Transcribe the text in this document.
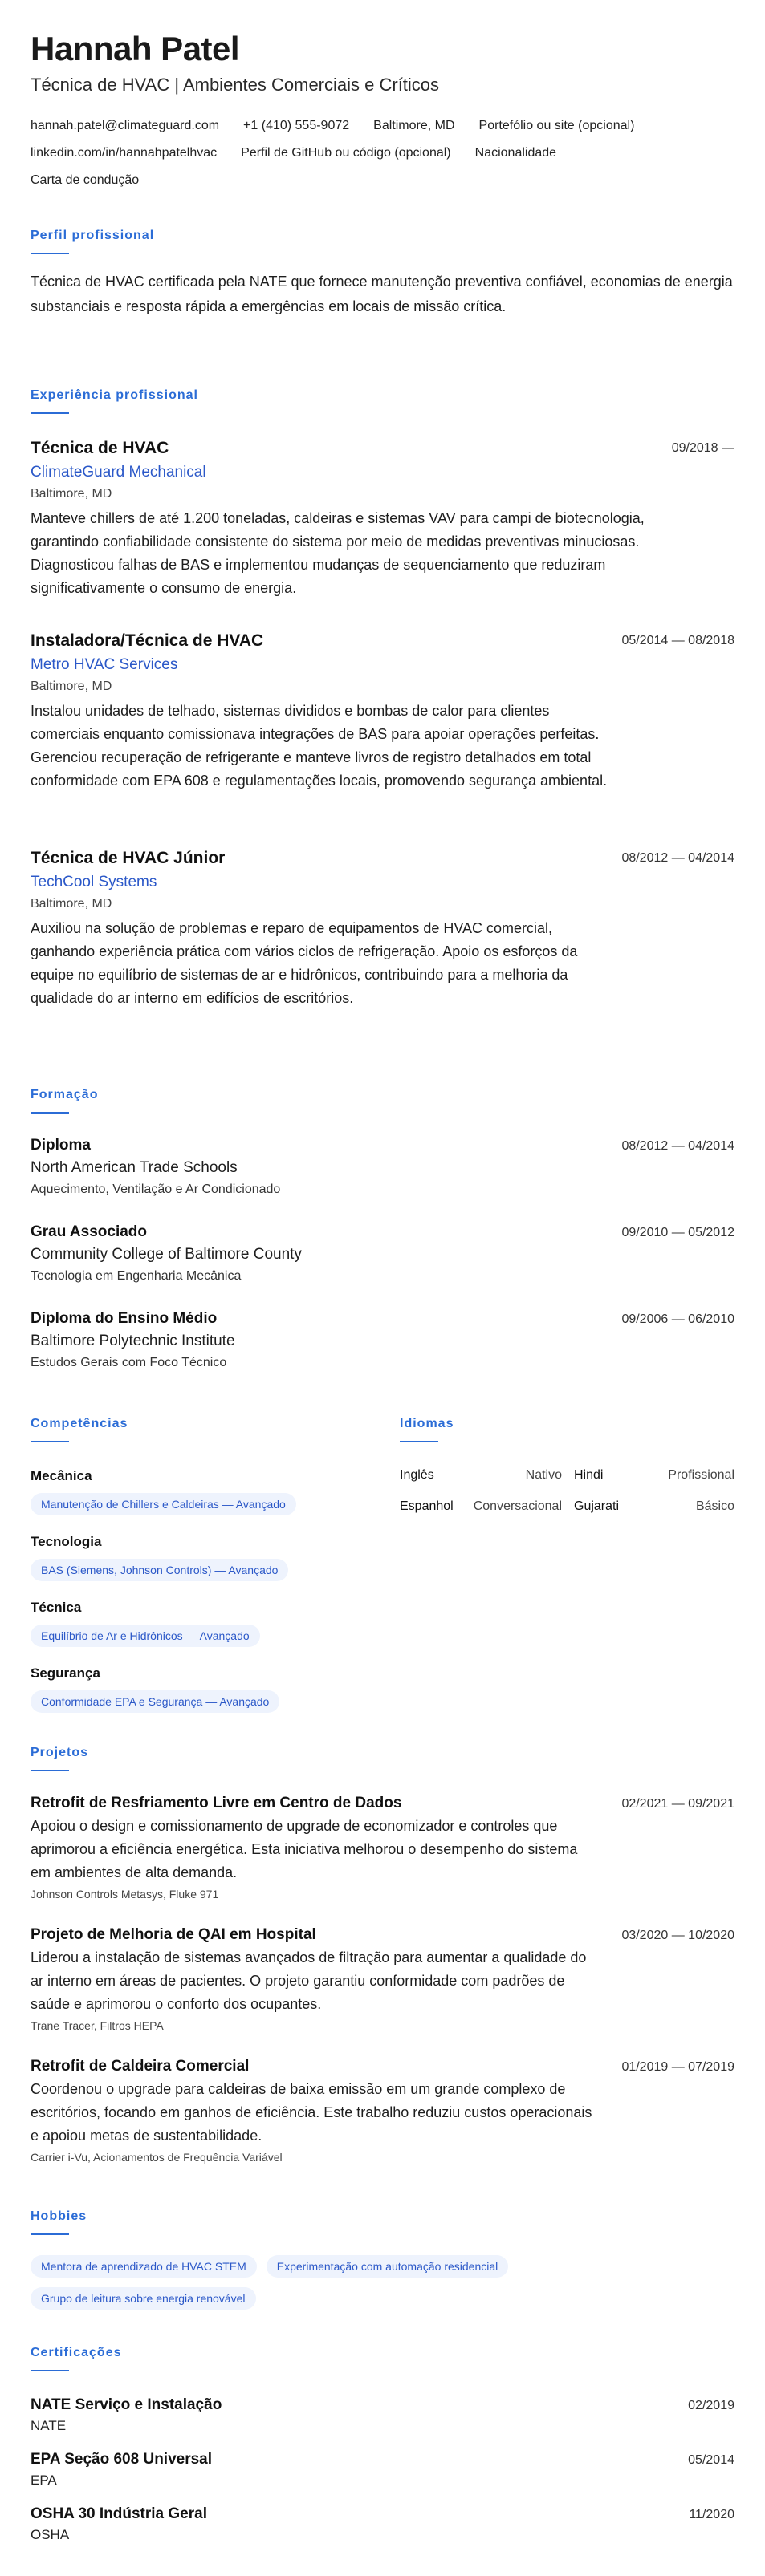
Hannah Patel
Técnica de HVAC | Ambientes Comerciais e Críticos
hannah.patel@climateguard.com +1 (410) 555-9072 Baltimore, MD Portefólio ou site (opcional)
linkedin.com/in/hannahpatelhvac Perfil de GitHub ou código (opcional) Nacionalidade
Carta de condução
Perfil profissional
Técnica de HVAC certificada pela NATE que fornece manutenção preventiva confiável, economias de energia substanciais e resposta rápida a emergências em locais de missão crítica.
Experiência profissional
Técnica de HVAC	09/2018 —
ClimateGuard Mechanical
Baltimore, MD
Manteve chillers de até 1.200 toneladas, caldeiras e sistemas VAV para campi de biotecnologia, garantindo confiabilidade consistente do sistema por meio de medidas preventivas minuciosas. Diagnosticou falhas de BAS e implementou mudanças de sequenciamento que reduziram significativamente o consumo de energia.
Instaladora/Técnica de HVAC	05/2014 — 08/2018
Metro HVAC Services
Baltimore, MD
Instalou unidades de telhado, sistemas divididos e bombas de calor para clientes comerciais enquanto comissionava integrações de BAS para apoiar operações perfeitas. Gerenciou recuperação de refrigerante e manteve livros de registro detalhados em total conformidade com EPA 608 e regulamentações locais, promovendo segurança ambiental.
Técnica de HVAC Júnior	08/2012 — 04/2014
TechCool Systems
Baltimore, MD
Auxiliou na solução de problemas e reparo de equipamentos de HVAC comercial, ganhando experiência prática com vários ciclos de refrigeração. Apoio os esforços da equipe no equilíbrio de sistemas de ar e hidrônicos, contribuindo para a melhoria da qualidade do ar interno em edifícios de escritórios.
Formação
Diploma	08/2012 — 04/2014
North American Trade Schools
Aquecimento, Ventilação e Ar Condicionado
Grau Associado	09/2010 — 05/2012
Community College of Baltimore County
Tecnologia em Engenharia Mecânica
Diploma do Ensino Médio	09/2006 — 06/2010
Baltimore Polytechnic Institute
Estudos Gerais com Foco Técnico
Competências
Mecânica
Manutenção de Chillers e Caldeiras — Avançado
Tecnologia
BAS (Siemens, Johnson Controls) — Avançado
Técnica
Equilíbrio de Ar e Hidrônicos — Avançado
Segurança
Conformidade EPA e Segurança — Avançado
Idiomas
Inglês	Nativo Hindi	Profissional
Espanhol Conversacional Gujarati	Básico
Projetos
Retrofit de Resfriamento Livre em Centro de Dados	02/2021 — 09/2021
Apoiou o design e comissionamento de upgrade de economizador e controles que aprimorou a eficiência energética. Esta iniciativa melhorou o desempenho do sistema em ambientes de alta demanda.
Johnson Controls Metasys, Fluke 971
Projeto de Melhoria de QAI em Hospital	03/2020 — 10/2020
Liderou a instalação de sistemas avançados de filtração para aumentar a qualidade do ar interno em áreas de pacientes. O projeto garantiu conformidade com padrões de saúde e aprimorou o conforto dos ocupantes.
Trane Tracer, Filtros HEPA
Retrofit de Caldeira Comercial	01/2019 — 07/2019
Coordenou o upgrade para caldeiras de baixa emissão em um grande complexo de escritórios, focando em ganhos de eficiência. Este trabalho reduziu custos operacionais e apoiou metas de sustentabilidade.
Carrier i-Vu, Acionamentos de Frequência Variável
Hobbies
Mentora de aprendizado de HVAC STEM	Experimentação com automação residencial
Grupo de leitura sobre energia renovável
Certificações
NATE Serviço e Instalação	02/2019
NATE
EPA Seção 608 Universal	05/2014
EPA
OSHA 30 Indústria Geral	11/2020
OSHA
